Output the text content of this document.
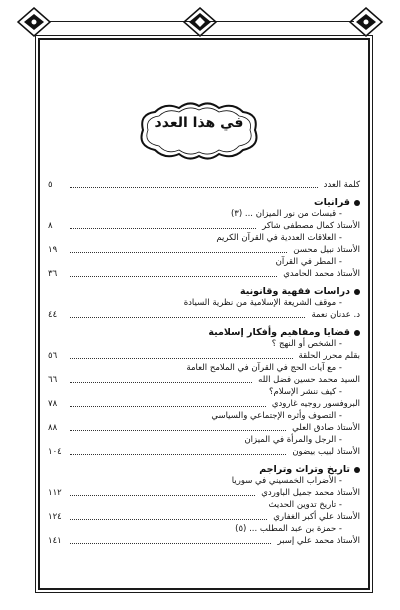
في هذا العدد
كلمة العدد
٥
قرانيات
- قبسات من نور الميزان ... (٣)
الأستاذ كمال مصطفى شاكر
٨
- العلاقات العددية في القرآن الكريم
الأستاذ نبيل محسن
١٩
- المطر في القرآن
الأستاذ محمد الحامدي
٣٦
دراسات فقهية وقانونية
- موقف الشريعة الإسلامية من نظرية السيادة
د. عدنان نعمة
٤٤
قضايا ومفاهيم وأفكار إسلامية
- الشخص أو النهج ؟
بقلم محرر الحلقة
٥٦
- مع آيات الحج في القرآن في الملامح العامة
السيد محمد حسين فضل الله
٦٦
- كيف ننشر الإسلام؟
البروفسور روجيه غارودي
٧٨
- التصوف وأثره الإجتماعي والسياسي
الأستاذ صادق العلي
٨٨
- الرجل والمرأة في الميزان
الأستاذ لبيب بيضون
١٠٤
تاريخ وتراث وتراجم
- الأضراب الخمسيني في سوريا
الأستاذ محمد جميل الباوردي
١١٢
- تاريخ تدوين الحديث
الأستاذ علي أكبر الغفاري
١٢٤
- حمزة بن عبد المطلب ... (٥)
الأستاذ محمد علي إسبر
١٤١
